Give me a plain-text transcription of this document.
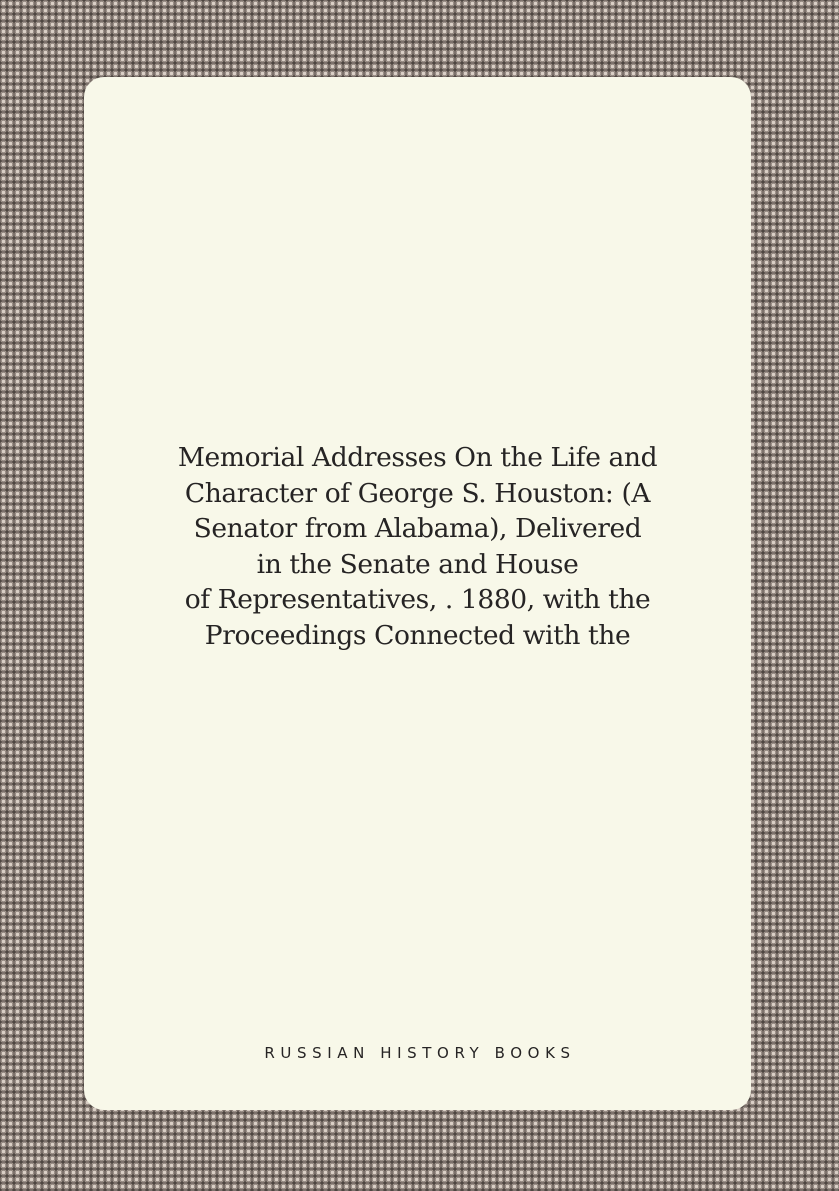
Memorial Addresses On the Life and
Character of George S. Houston: (A
Senator from Alabama), Delivered
in the Senate and House
of Representatives, . 1880, with the
Proceedings Connected with the
RUSSIAN HISTORY BOOKS
